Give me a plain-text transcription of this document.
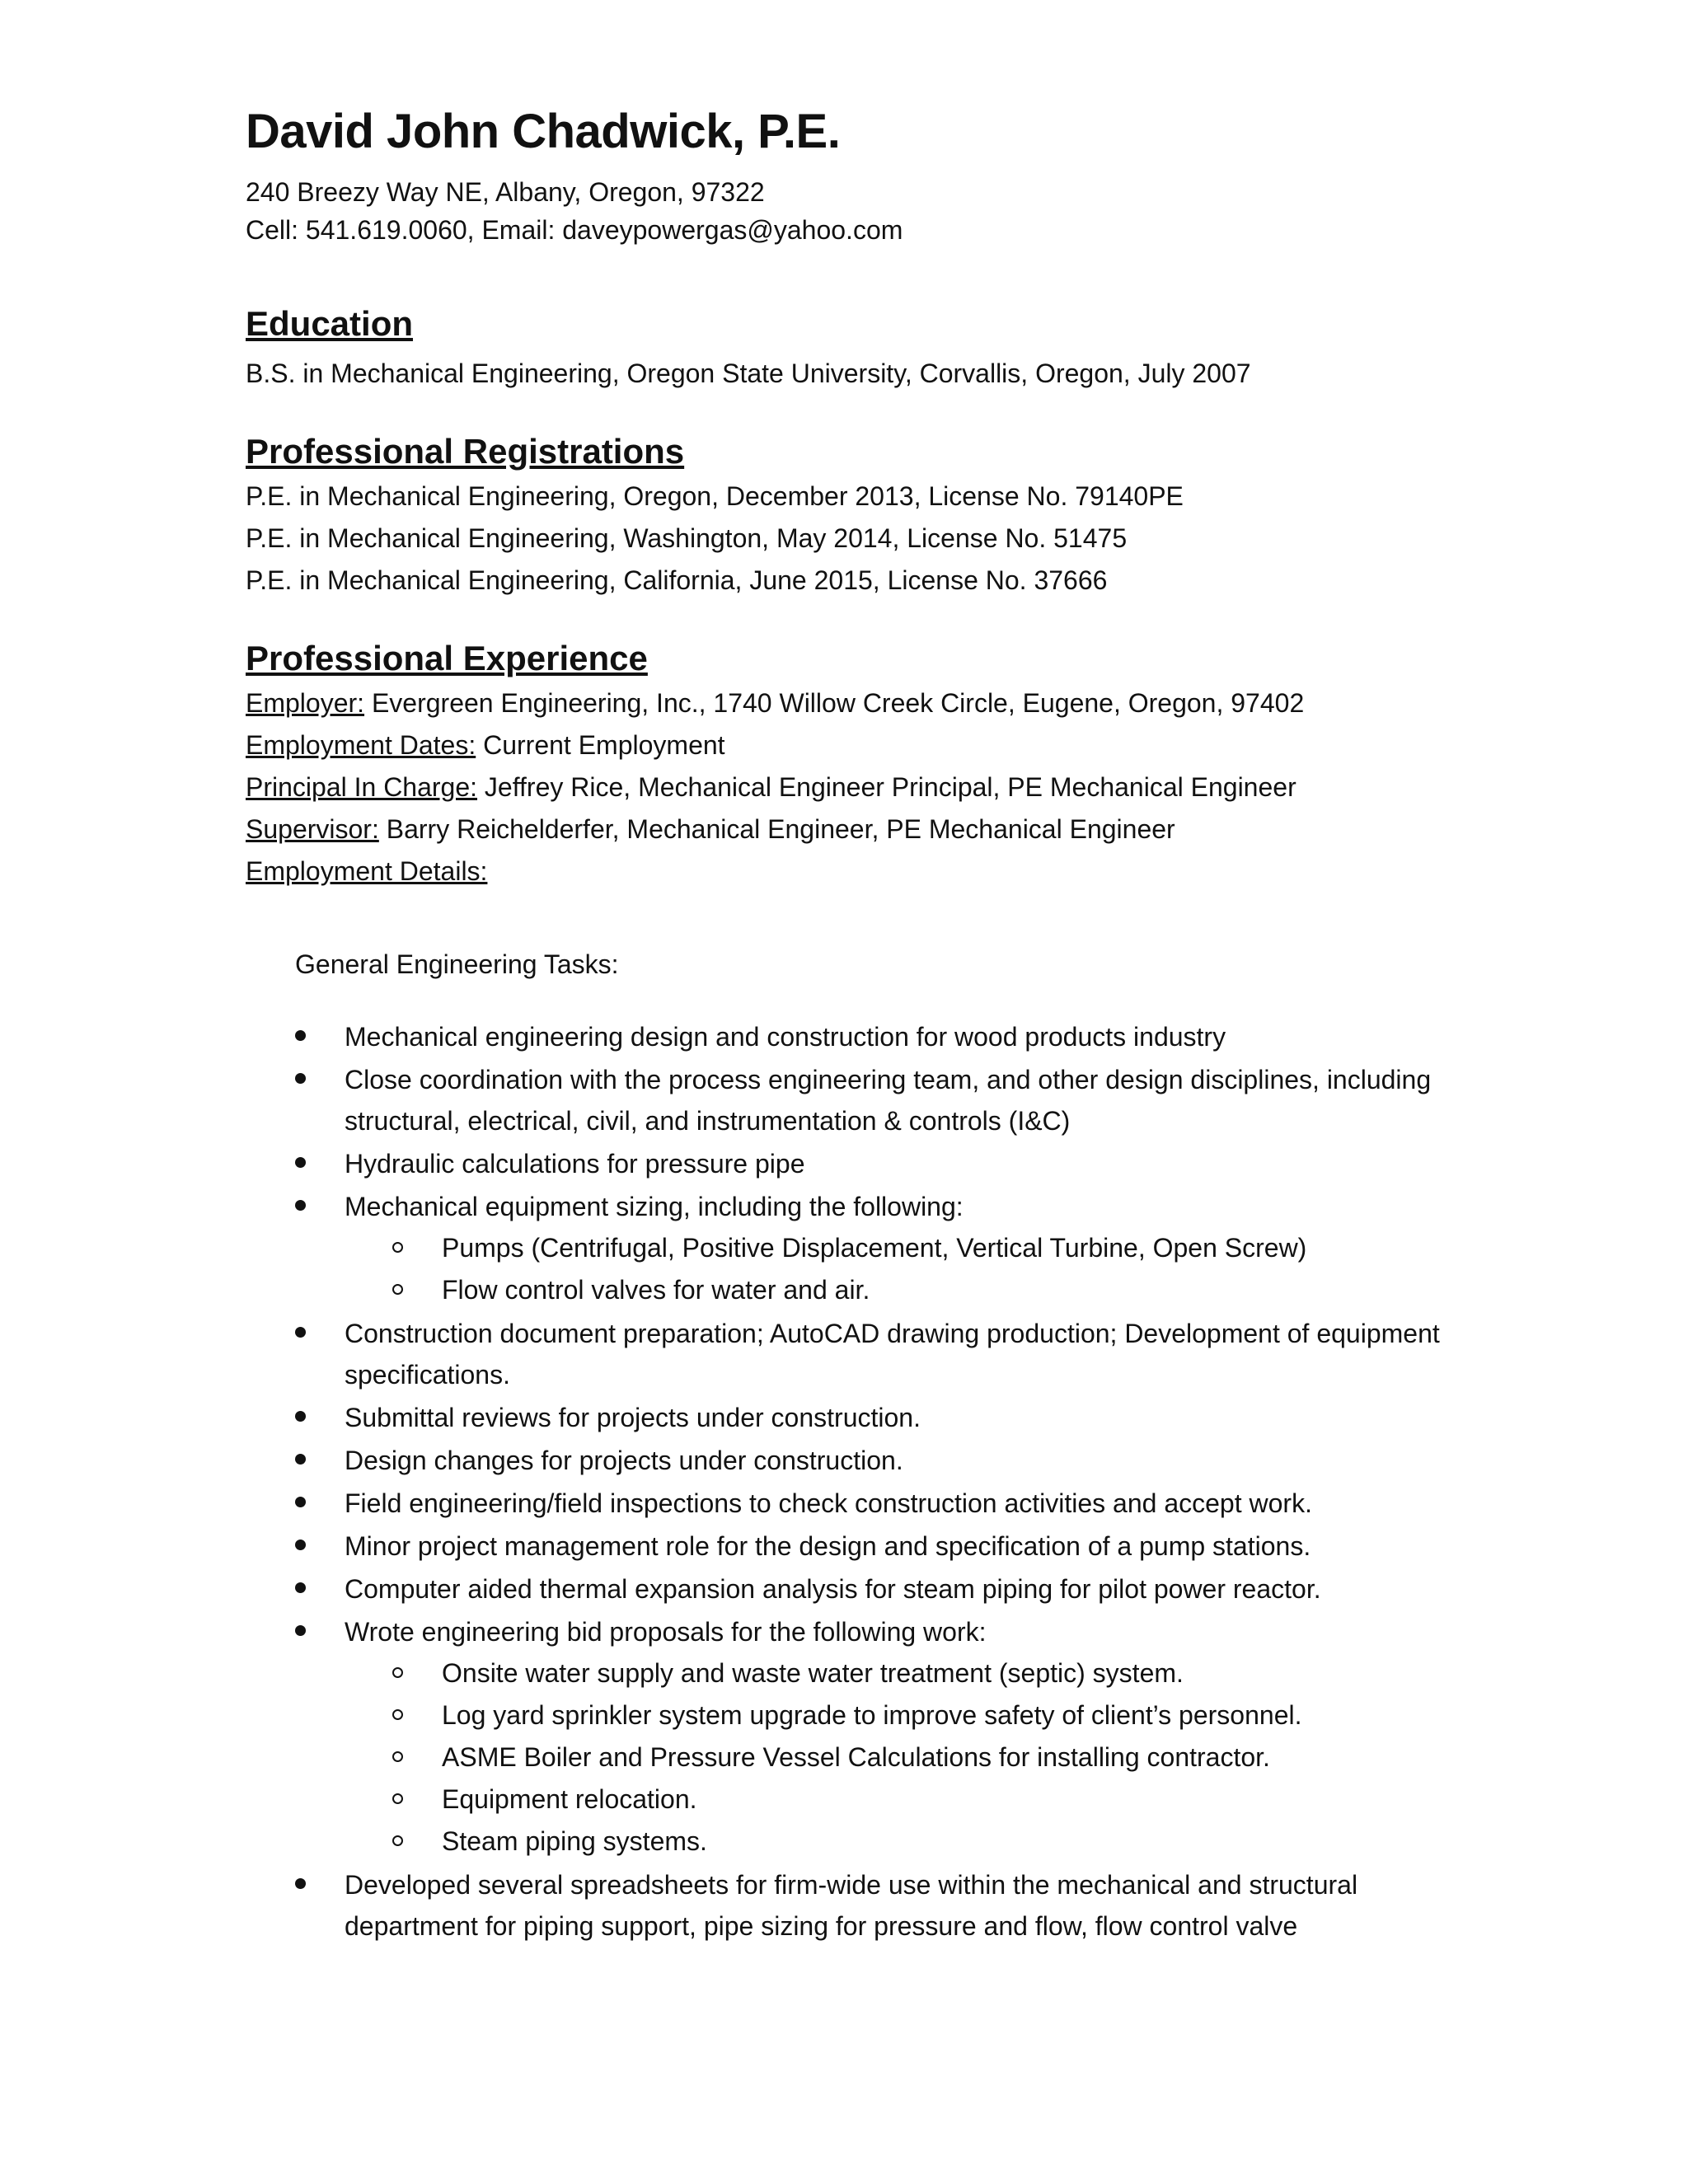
David John Chadwick, P.E.

240 Breezy Way NE, Albany, Oregon, 97322

Cell: 541.619.0060, Email: daveypowergas@yahoo.com

Education

B.S. in Mechanical Engineering, Oregon State University, Corvallis, Oregon, July 2007

Professional Registrations

P.E. in Mechanical Engineering, Oregon, December 2013, License No. 79140PE

P.E. in Mechanical Engineering, Washington, May 2014, License No. 51475

P.E. in Mechanical Engineering, California, June 2015, License No. 37666

Professional Experience

Employer: Evergreen Engineering, Inc., 1740 Willow Creek Circle, Eugene, Oregon, 97402

Employment Dates: Current Employment

Principal In Charge: Jeffrey Rice, Mechanical Engineer Principal, PE Mechanical Engineer

Supervisor: Barry Reichelderfer, Mechanical Engineer, PE Mechanical Engineer

Employment Details:

General Engineering Tasks:

Mechanical engineering design and construction for wood products industry
Close coordination with the process engineering team, and other design disciplines, including structural, electrical, civil, and instrumentation & controls (I&C)
Hydraulic calculations for pressure pipe
Mechanical equipment sizing, including the following:
Pumps (Centrifugal, Positive Displacement, Vertical Turbine, Open Screw)
Flow control valves for water and air.
Construction document preparation; AutoCAD drawing production; Development of equipment specifications.
Submittal reviews for projects under construction.
Design changes for projects under construction.
Field engineering/field inspections to check construction activities and accept work.
Minor project management role for the design and specification of a pump stations.
Computer aided thermal expansion analysis for steam piping for pilot power reactor.
Wrote engineering bid proposals for the following work:
Onsite water supply and waste water treatment (septic) system.
Log yard sprinkler system upgrade to improve safety of client’s personnel.
ASME Boiler and Pressure Vessel Calculations for installing contractor.
Equipment relocation.
Steam piping systems.
Developed several spreadsheets for firm-wide use within the mechanical and structural department for piping support, pipe sizing for pressure and flow, flow control valve
